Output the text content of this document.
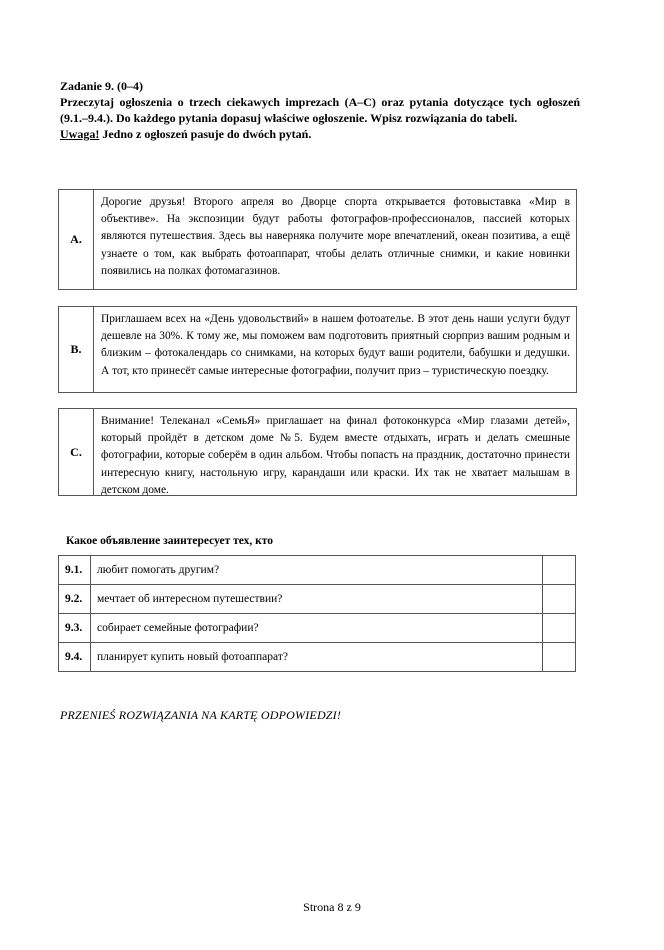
Zadanie 9. (0–4)
Przeczytaj ogłoszenia o trzech ciekawych imprezach (A–C) oraz pytania dotyczące tych ogłoszeń (9.1.–9.4.). Do każdego pytania dopasuj właściwe ogłoszenie. Wpisz rozwiązania do tabeli.
Uwaga! Jedno z ogłoszeń pasuje do dwóch pytań.
A.
Дорогие друзья! Второго апреля во Дворце спорта открывается фотовыставка «Мир в объективе». На экспозиции будут работы фотографов-профессионалов, пассией которых являются путешествия. Здесь вы наверняка получите море впечатлений, океан позитива, а ещё узнаете о том, как выбрать фотоаппарат, чтобы делать отличные снимки, и какие новинки появились на полках фотомагазинов.
B.
Приглашаем всех на «День удовольствий» в нашем фотоателье. В этот день наши услуги будут дешевле на 30%. К тому же, мы поможем вам подготовить приятный сюрприз вашим родным и близким – фотокалендарь со снимками, на которых будут ваши родители, бабушки и дедушки. А тот, кто принесёт самые интересные фотографии, получит приз – туристическую поездку.
C.
Внимание! Телеканал «СемьЯ» приглашает на финал фотоконкурса «Мир глазами детей», который пройдёт в детском доме №5. Будем вместе отдыхать, играть и делать смешные фотографии, которые соберём в один альбом. Чтобы попасть на праздник, достаточно принести интересную книгу, настольную игру, карандаши или краски. Их так не хватает малышам в детском доме.
Какое объявление заинтересует тех, кто
9.1.	любит помогать другим?	
9.2.	мечтает об интересном путешествии?	
9.3.	собирает семейные фотографии?	
9.4.	планирует купить новый фотоаппарат?	
PRZENIEŚ ROZWIĄZANIA NA KARTĘ ODPOWIEDZI!
Strona 8 z 9
